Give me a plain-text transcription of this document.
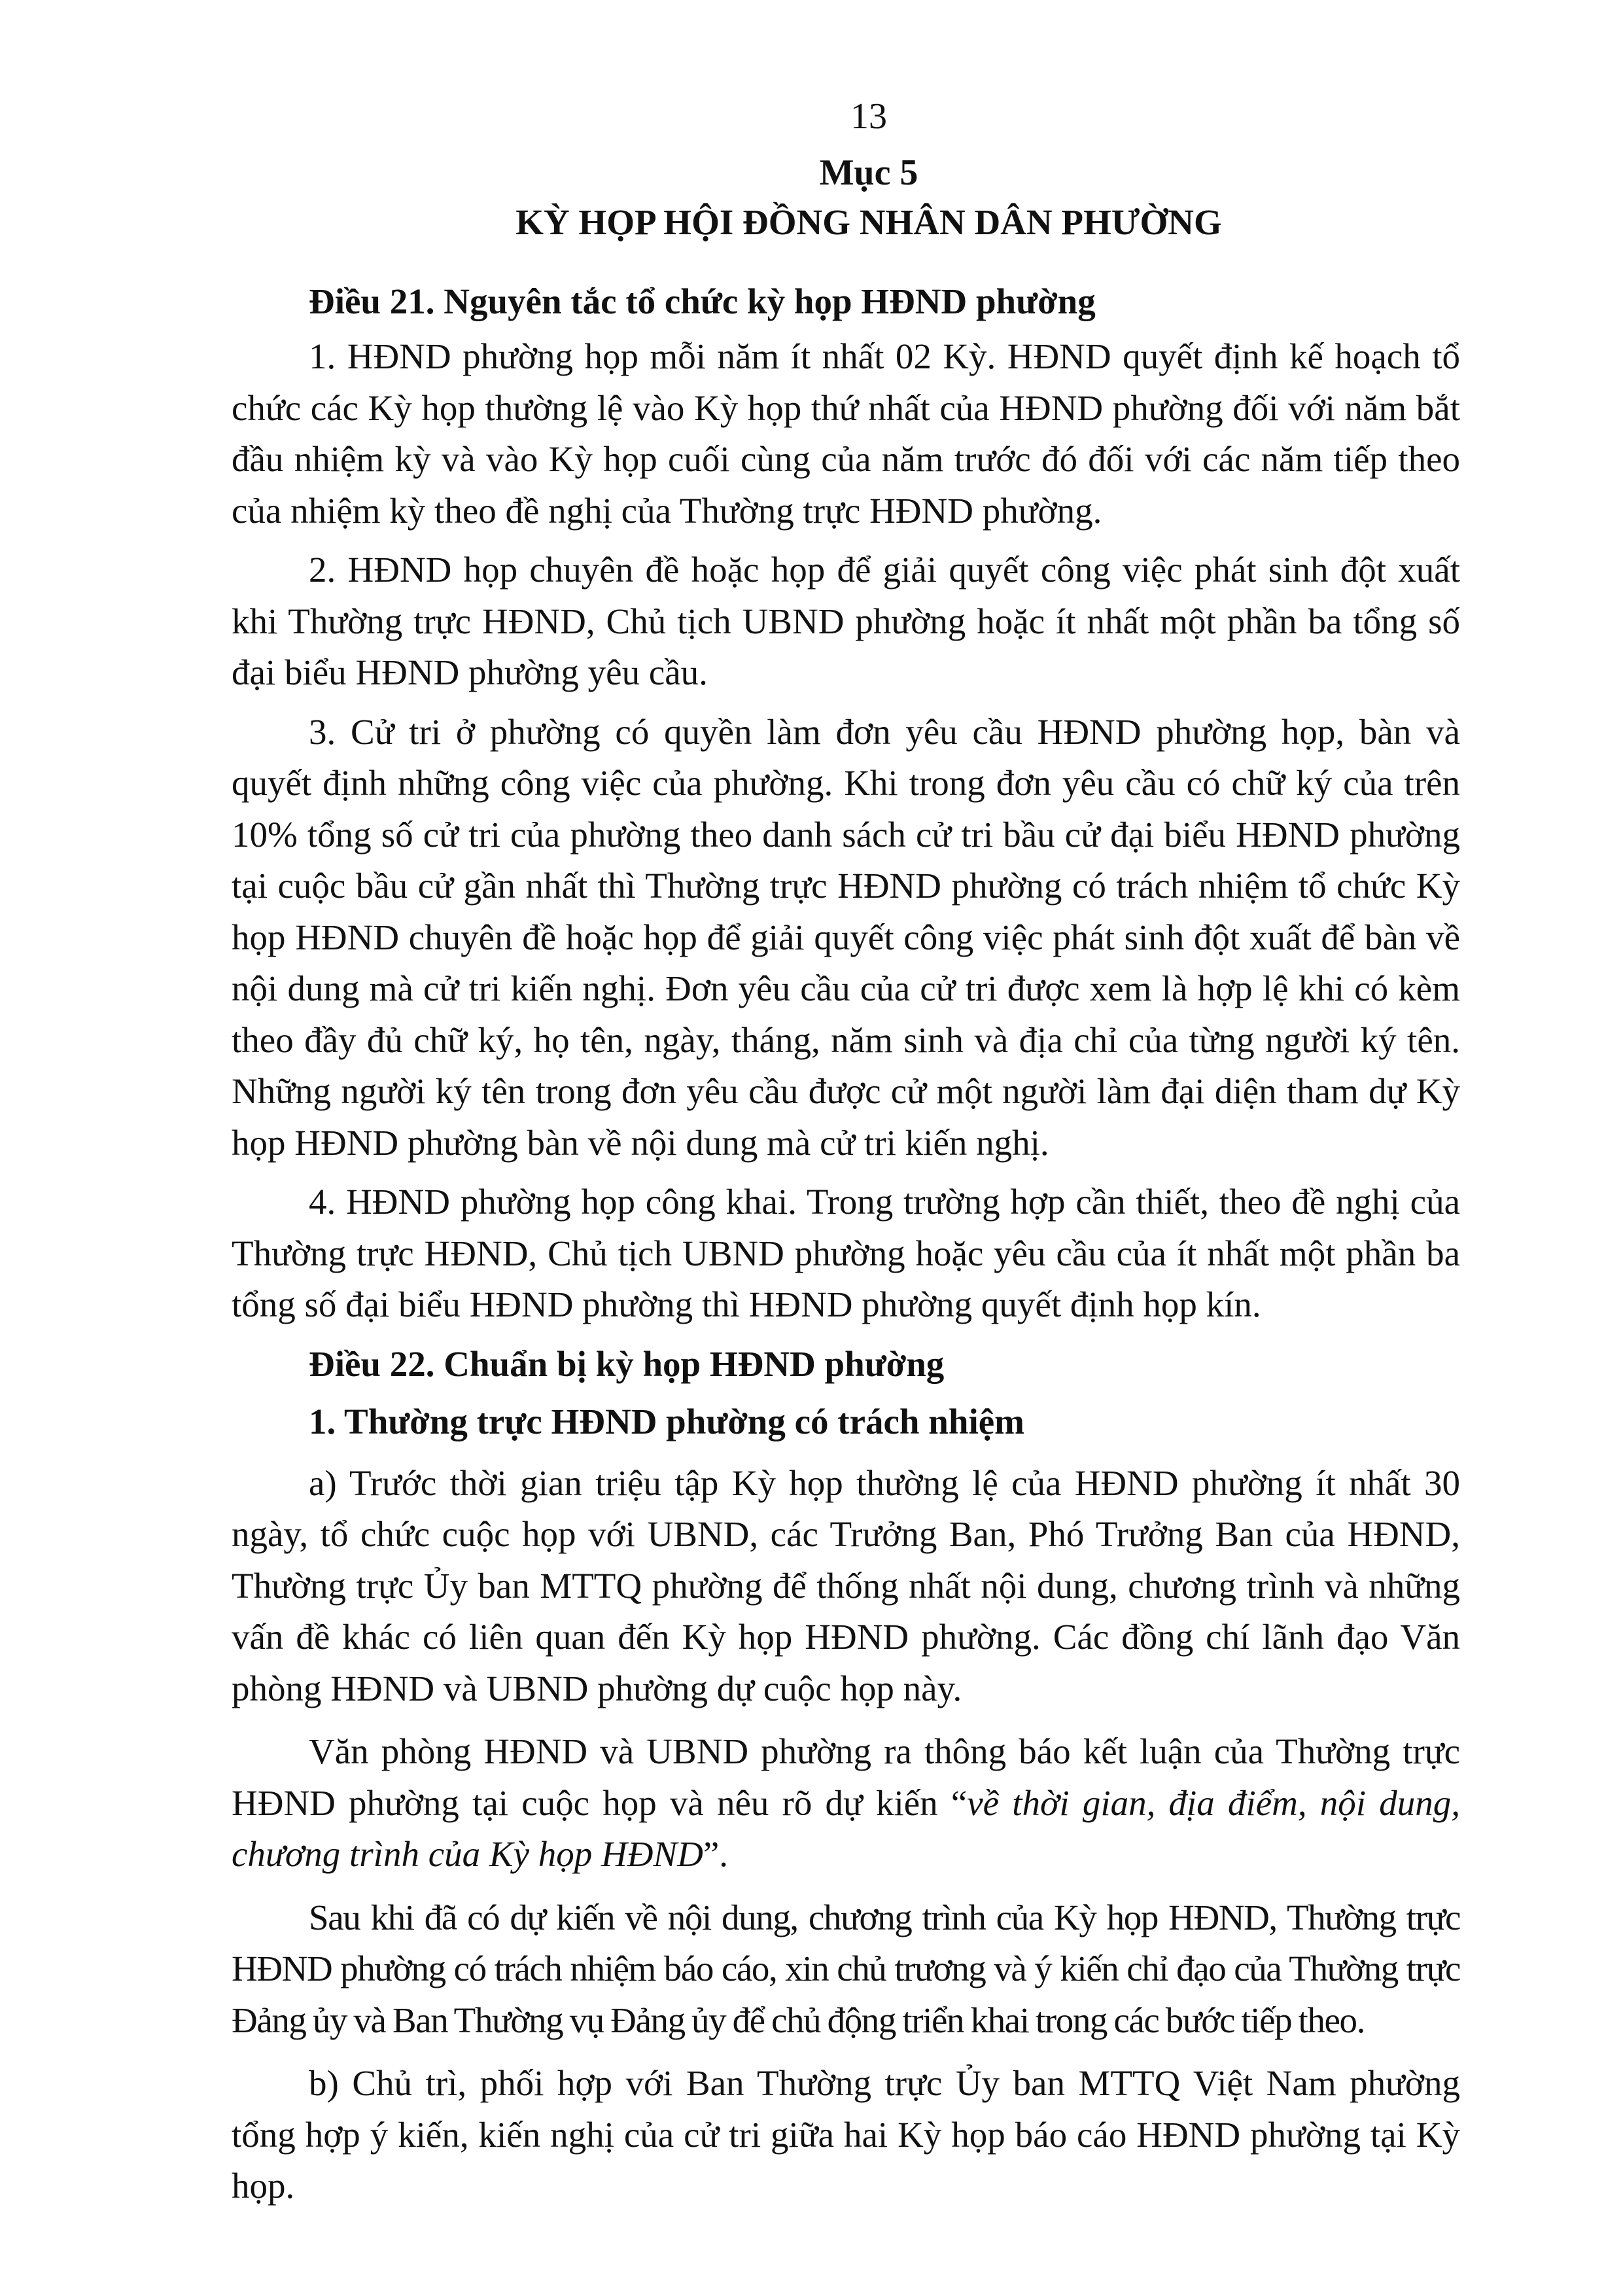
13
Mục 5
KỲ HỌP HỘI ĐỒNG NHÂN DÂN PHƯỜNG
Điều 21. Nguyên tắc tổ chức kỳ họp HĐND phường

1. HĐND phường họp mỗi năm ít nhất 02 Kỳ. HĐND quyết định kế hoạch tổ chức các Kỳ họp thường lệ vào Kỳ họp thứ nhất của HĐND phường đối với năm bắt đầu nhiệm kỳ và vào Kỳ họp cuối cùng của năm trước đó đối với các năm tiếp theo của nhiệm kỳ theo đề nghị của Thường trực HĐND phường.

2. HĐND họp chuyên đề hoặc họp để giải quyết công việc phát sinh đột xuất khi Thường trực HĐND, Chủ tịch UBND phường hoặc ít nhất một phần ba tổng số đại biểu HĐND phường yêu cầu.

3. Cử tri ở phường có quyền làm đơn yêu cầu HĐND phường họp, bàn và quyết định những công việc của phường. Khi trong đơn yêu cầu có chữ ký của trên 10% tổng số cử tri của phường theo danh sách cử tri bầu cử đại biểu HĐND phường tại cuộc bầu cử gần nhất thì Thường trực HĐND phường có trách nhiệm tổ chức Kỳ họp HĐND chuyên đề hoặc họp để giải quyết công việc phát sinh đột xuất để bàn về nội dung mà cử tri kiến nghị. Đơn yêu cầu của cử tri được xem là hợp lệ khi có kèm theo đầy đủ chữ ký, họ tên, ngày, tháng, năm sinh và địa chỉ của từng người ký tên. Những người ký tên trong đơn yêu cầu được cử một người làm đại diện tham dự Kỳ họp HĐND phường bàn về nội dung mà cử tri kiến nghị.

4. HĐND phường họp công khai. Trong trường hợp cần thiết, theo đề nghị của Thường trực HĐND, Chủ tịch UBND phường hoặc yêu cầu của ít nhất một phần ba tổng số đại biểu HĐND phường thì HĐND phường quyết định họp kín.

Điều 22. Chuẩn bị kỳ họp HĐND phường
1. Thường trực HĐND phường có trách nhiệm

a) Trước thời gian triệu tập Kỳ họp thường lệ của HĐND phường ít nhất 30 ngày, tổ chức cuộc họp với UBND, các Trưởng Ban, Phó Trưởng Ban của HĐND, Thường trực Ủy ban MTTQ phường để thống nhất nội dung, chương trình và những vấn đề khác có liên quan đến Kỳ họp HĐND phường. Các đồng chí lãnh đạo Văn phòng HĐND và UBND phường dự cuộc họp này.

Văn phòng HĐND và UBND phường ra thông báo kết luận của Thường trực HĐND phường tại cuộc họp và nêu rõ dự kiến “về thời gian, địa điểm, nội dung, chương trình của Kỳ họp HĐND”.

Sau khi đã có dự kiến về nội dung, chương trình của Kỳ họp HĐND, Thường trực HĐND phường có trách nhiệm báo cáo, xin chủ trương và ý kiến chỉ đạo của Thường trực Đảng ủy và Ban Thường vụ Đảng ủy để chủ động triển khai trong các bước tiếp theo.

b) Chủ trì, phối hợp với Ban Thường trực Ủy ban MTTQ Việt Nam phường tổng hợp ý kiến, kiến nghị của cử tri giữa hai Kỳ họp báo cáo HĐND phường tại Kỳ họp.
